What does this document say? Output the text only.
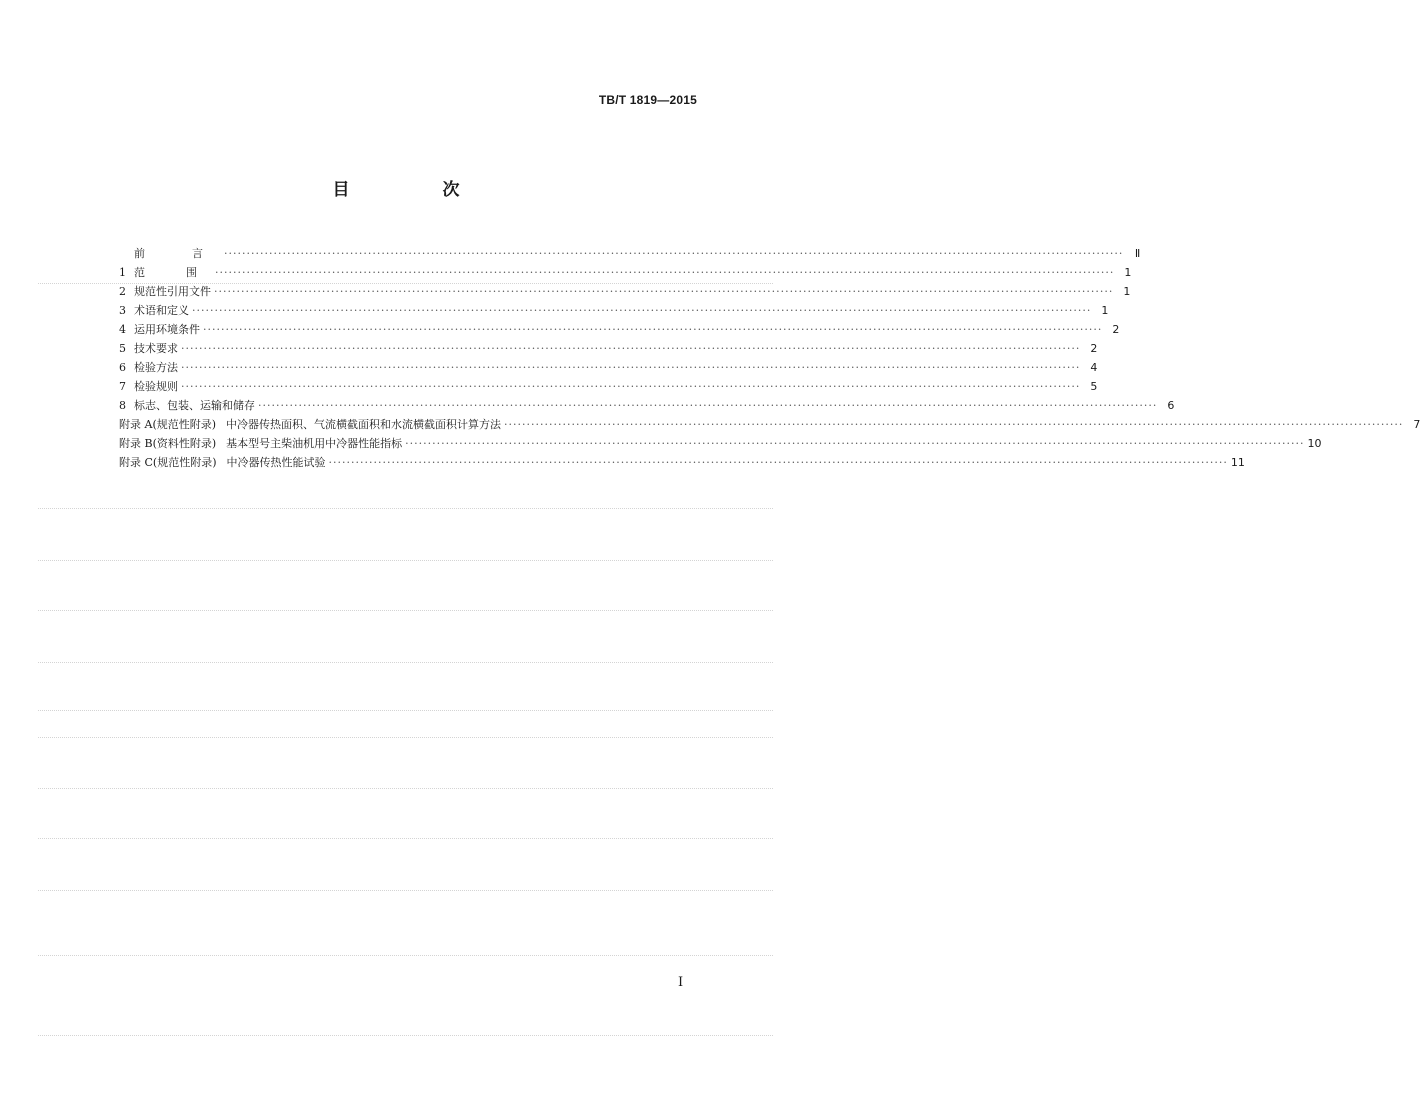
TB/T 1819—2015
目　次
前　言 ········································································································································································································	Ⅱ
1 范　围 ········································································································································································································ 1
2 规范性引用文件 ········································································································································································································ 1
3 术语和定义 ········································································································································································································ 1
4 运用环境条件 ········································································································································································································ 2
5 技术要求 ········································································································································································································ 2
6 检验方法 ········································································································································································································ 4
7 检验规则 ········································································································································································································ 5
8 标志、包装、运输和储存 ········································································································································································································ 6
附录 A(规范性附录) 中冷器传热面积、气流横截面积和水流横截面积计算方法 ········································································································································································································ 7
附录 B(资料性附录) 基本型号主柴油机用中冷器性能指标 ········································································································································································································ 10
附录 C(规范性附录) 中冷器传热性能试验 ········································································································································································································ 11
I
